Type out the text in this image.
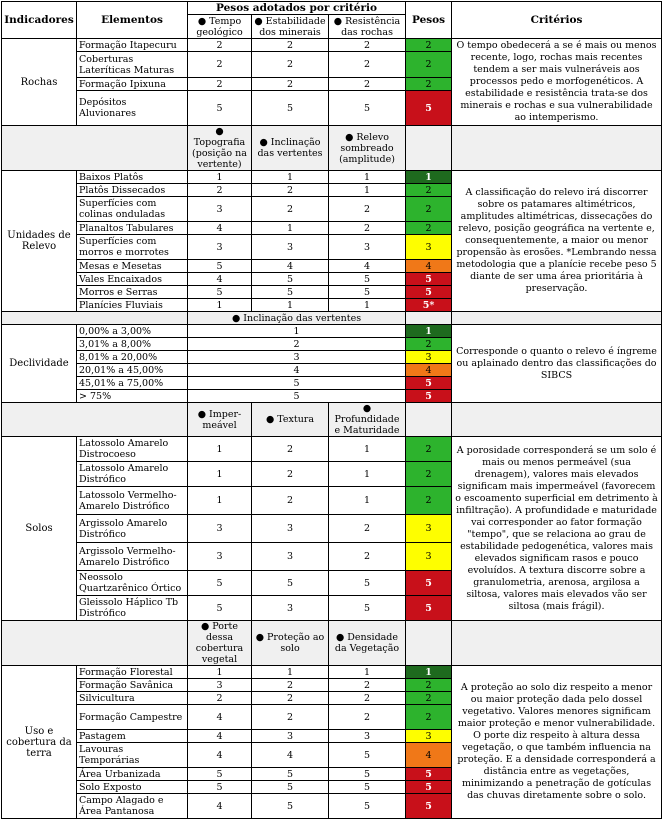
Indicadores	Elementos	Pesos adotados por critério			Pesos	Critérios
		● Tempo geológico	● Estabilidade dos minerais	● Resistência das rochas		
Rochas	Formação Itapecuru	2	2	2	2	O tempo obedecerá a se é mais ou menos recente, logo, rochas mais recentes tendem a ser mais vulneráveis aos processos pedo e morfogenéticos. A estabilidade e resistência trata-se dos minerais e rochas e sua vulnerabilidade ao intemperismo.
	Coberturas Lateríticas Maturas	2	2	2	2	
	Formação Ipixuna	2	2	2	2	
	Depósitos Aluvionares	5	5	5	5	
		● Topografia (posição na vertente)	● Inclinação das vertentes	● Relevo sombreado (amplitude)		
Unidades de Relevo	Baixos Platôs	1	1	1	1	A classificação do relevo irá discorrer sobre os patamares altimétricos, amplitudes altimétricas, dissecações do relevo, posição geográfica na vertente e, consequentemente, a maior ou menor propensão às erosões. *Lembrando nessa metodologia que a planície recebe peso 5 diante de ser uma área prioritária à preservação.
	Platôs Dissecados	2	2	1	2	
	Superfícies com colinas onduladas	3	2	2	2	
	Planaltos Tabulares	4	1	2	2	
	Superfícies com morros e morrotes	3	3	3	3	
	Mesas e Mesetas	5	4	4	4	
	Vales Encaixados	4	5	5	5	
	Morros e Serras	5	5	5	5	
	Planícies Fluviais	1	1	1	5*	
		● Inclinação das vertentes				
Declividade	0,00% a 3,00%	1			1	Corresponde o quanto o relevo é íngreme ou aplainado dentro das classificações do SIBCS
	3,01% a 8,00%	2			2	
	8,01% a 20,00%	3			3	
	20,01% a 45,00%	4			4	
	45,01% a 75,00%	5			5	
	> 75%	5			5	
		● Imper-meável	● Textura	● Profundidade e Maturidade		
Solos	Latossolo Amarelo Distrocoeso	1	2	1	2	A porosidade corresponderá se um solo é mais ou menos permeável (sua drenagem), valores mais elevados significam mais impermeável (favorecem o escoamento superficial em detrimento à infiltração). A profundidade e maturidade vai corresponder ao fator formação "tempo", que se relaciona ao grau de estabilidade pedogenética, valores mais elevados significam rasos e pouco evoluídos. A textura discorre sobre a granulometria, arenosa, argilosa a siltosa, valores mais elevados vão ser siltosa (mais frágil).
	Latossolo Amarelo Distrófico	1	2	1	2	
	Latossolo Vermelho-Amarelo Distrófico	1	2	1	2	
	Argissolo Amarelo Distrófico	3	3	2	3	
	Argissolo Vermelho-Amarelo Distrófico	3	3	2	3	
	Neossolo Quartzarênico Órtico	5	5	5	5	
	Gleissolo Háplico Tb Distrófico	5	3	5	5	
		● Porte dessa cobertura vegetal	● Proteção ao solo	● Densidade da Vegetação		
Uso e cobertura da terra	Formação Florestal	1	1	1	1	A proteção ao solo diz respeito a menor ou maior proteção dada pelo dossel vegetativo. Valores menores significam maior proteção e menor vulnerabilidade. O porte diz respeito à altura dessa vegetação, o que também influencia na proteção. E a densidade corresponderá a distância entre as vegetações, minimizando a penetração de gotículas das chuvas diretamente sobre o solo.
	Formação Savânica	3	2	2	2	
	Silvicultura	2	2	2	2	
	Formação Campestre	4	2	2	2	
	Pastagem	4	3	3	3	
	Lavouras Temporárias	4	4	5	4	
	Área Urbanizada	5	5	5	5	
	Solo Exposto	5	5	5	5	
	Campo Alagado e Área Pantanosa	4	5	5	5	
